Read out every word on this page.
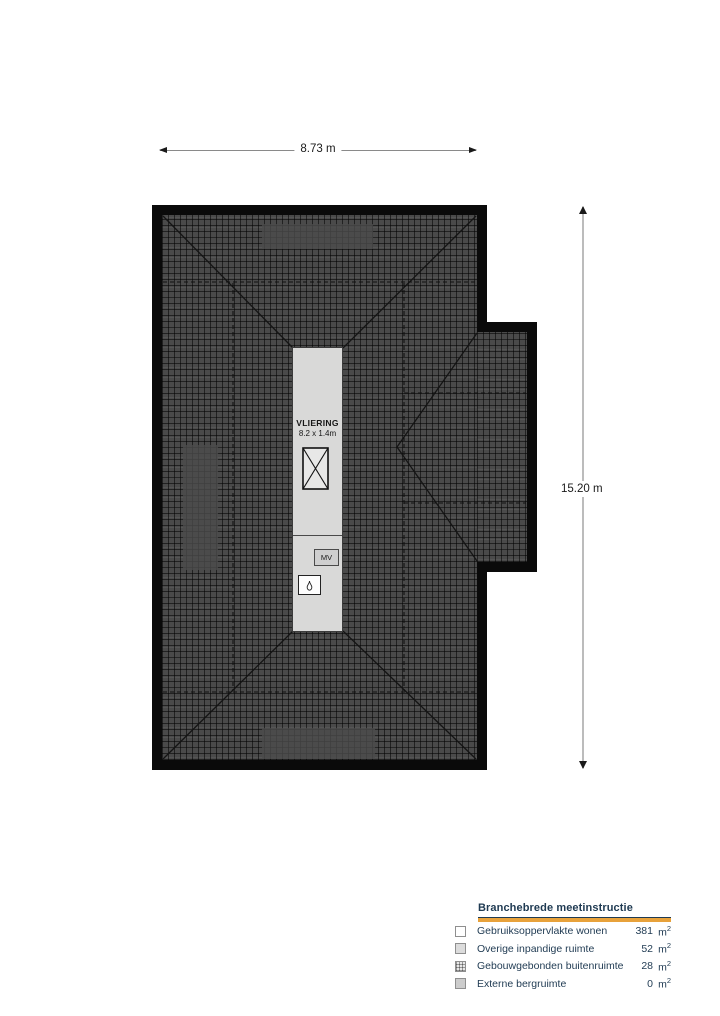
8.73 m
VLIERING
8.2 x 1.4m
MV
15.20 m
Branchebrede meetinstructie
Gebruiksoppervlakte wonen	381 $m^2$
Overige inpandige ruimte	52 $m^2$
Gebouwgebonden buitenruimte	28 $m^2$
Externe bergruimte	0 $m^2$
